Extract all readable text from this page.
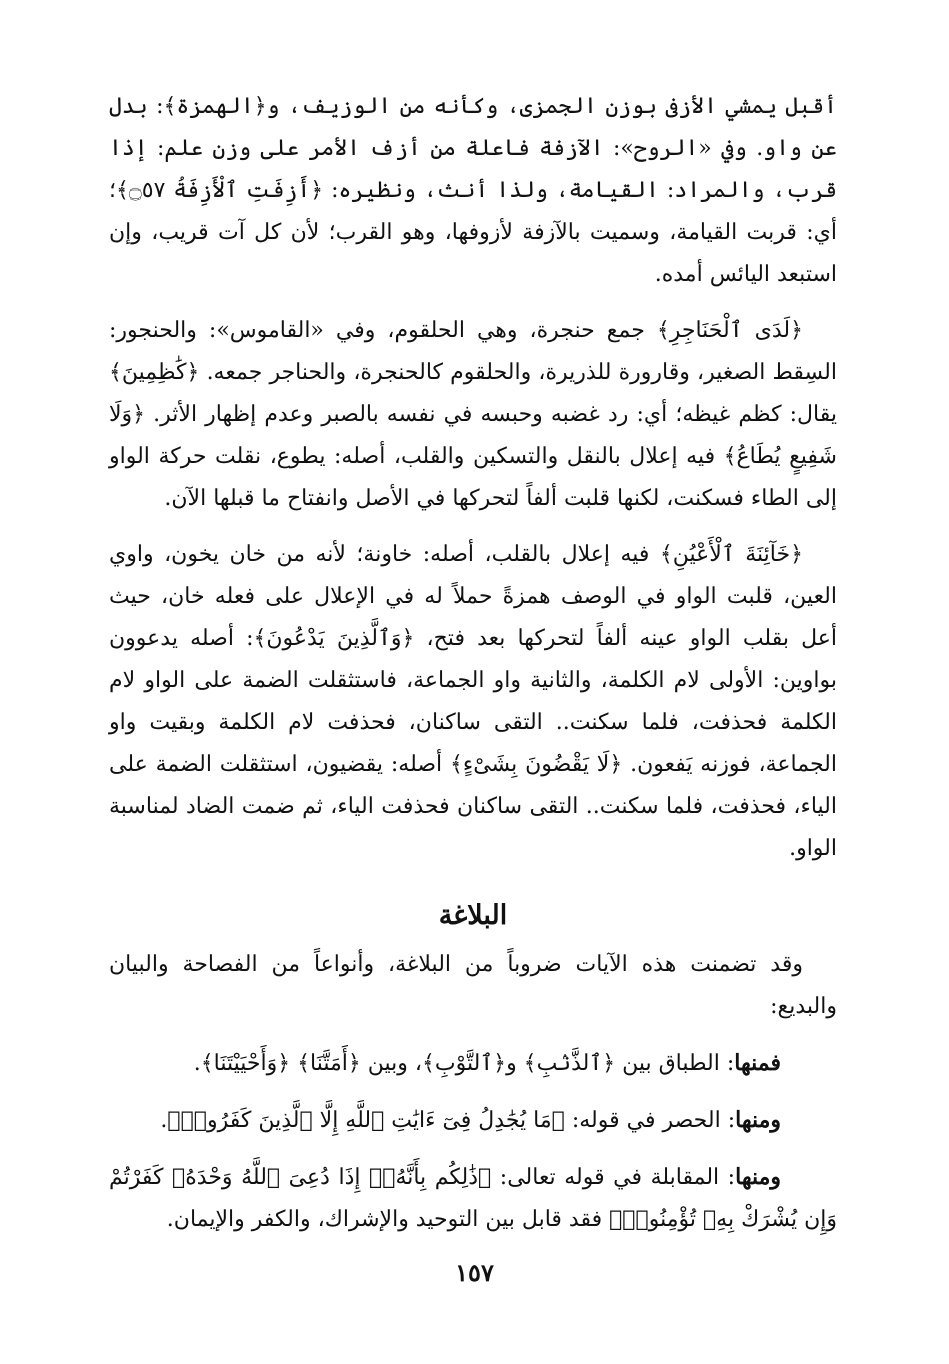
أقبل يمشي الأزفى بوزن الجمزى، وكأنه من الوزيف، و﴿الهمزة﴾: بدل عن واو. وفي «الروح»: الآزفة فاعلة من أزف الأمر على وزن علم: إذا قرب، والمراد: القيامة، ولذا أنث، ونظيره: ﴿أَزِفَتِ ٱلْأَزِفَةُ ۝٥٧﴾؛ أي: قربت القيامة، وسميت بالآزفة لأزوفها، وهو القرب؛ لأن كل آت قريب، وإن استبعد اليائس أمده.

﴿لَدَى ٱلْحَنَاجِرِ﴾ جمع حنجرة، وهي الحلقوم، وفي «القاموس»: والحنجور: السِقط الصغير، وقارورة للذريرة، والحلقوم كالحنجرة، والحناجر جمعه. ﴿كَٰظِمِينَ﴾ يقال: كظم غيظه؛ أي: رد غضبه وحبسه في نفسه بالصبر وعدم إظهار الأثر. ﴿وَلَا شَفِيعٍ يُطَاعُ﴾ فيه إعلال بالنقل والتسكين والقلب، أصله: يطوع، نقلت حركة الواو إلى الطاء فسكنت، لكنها قلبت ألفاً لتحركها في الأصل وانفتاح ما قبلها الآن.

﴿خَآئِنَةَ ٱلْأَعْيُنِ﴾ فيه إعلال بالقلب، أصله: خاونة؛ لأنه من خان يخون، واوي العين، قلبت الواو في الوصف همزةً حملاً له في الإعلال على فعله خان، حيث أعل بقلب الواو عينه ألفاً لتحركها بعد فتح، ﴿وَٱلَّذِينَ يَدْعُونَ﴾: أصله يدعوون بواوين: الأولى لام الكلمة، والثانية واو الجماعة، فاستثقلت الضمة على الواو لام الكلمة فحذفت، فلما سكنت.. التقى ساكنان، فحذفت لام الكلمة وبقيت واو الجماعة، فوزنه يَفعون. ﴿لَا يَقْضُونَ بِشَىْءٍ﴾ أصله: يقضيون، استثقلت الضمة على الياء، فحذفت، فلما سكنت.. التقى ساكنان فحذفت الياء، ثم ضمت الضاد لمناسبة الواو.

البلاغة

وقد تضمنت هذه الآيات ضروباً من البلاغة، وأنواعاً من الفصاحة والبيان والبديع:

فمنها: الطباق بين ﴿ٱلذَّنۢبِ﴾ و﴿ٱلتَّوْبِ﴾، وبين ﴿أَمَتَّنَا﴾ ﴿وَأَحْيَيْتَنَا﴾.

ومنها: الحصر في قوله: ﴿مَا يُجَٰدِلُ فِىٓ ءَايَٰتِ ٱللَّهِ إِلَّا ٱلَّذِينَ كَفَرُوا۟﴾.

ومنها: المقابلة في قوله تعالى: ﴿ذَٰلِكُم بِأَنَّهُۥٓ إِذَا دُعِىَ ٱللَّهُ وَحْدَهُۥ كَفَرْتُمْ وَإِن يُشْرَكْ بِهِۦ تُؤْمِنُوا۟﴾ فقد قابل بين التوحيد والإشراك، والكفر والإيمان.

١٥٧
